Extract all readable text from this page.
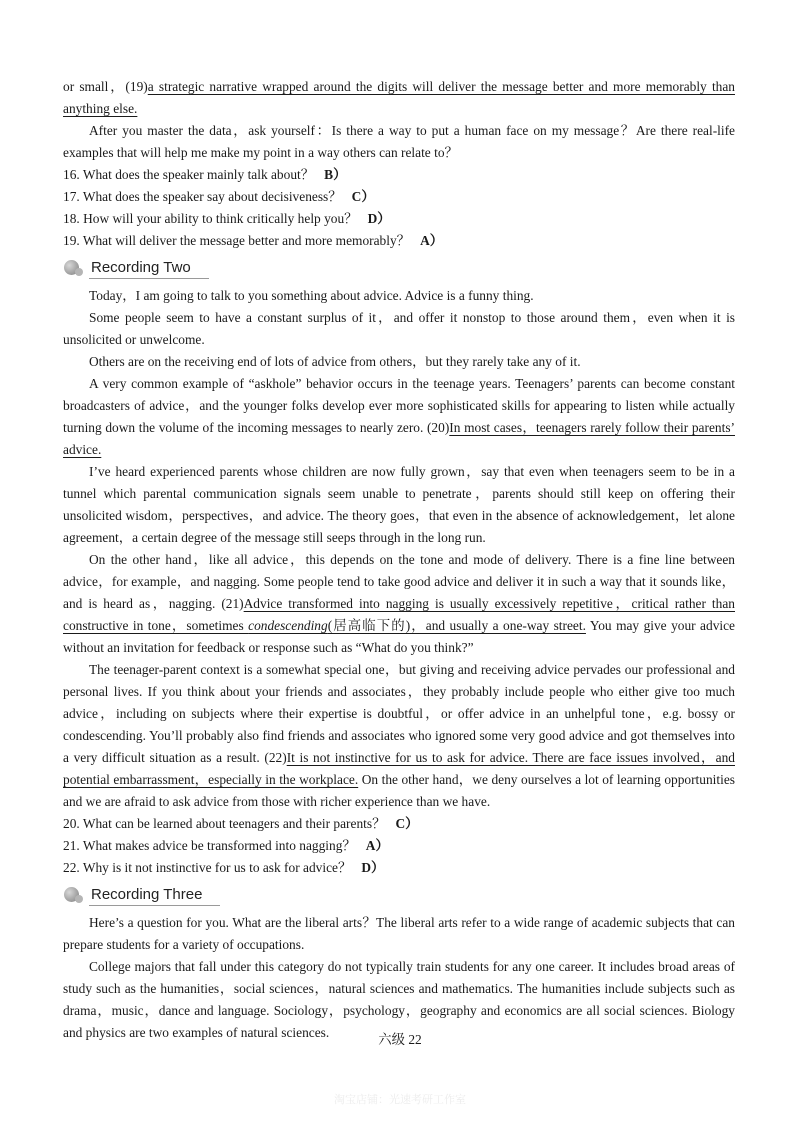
or small，(19)a strategic narrative wrapped around the digits will deliver the message better and more memorably than anything else.

After you master the data，ask yourself：Is there a way to put a human face on my message？Are there real-life examples that will help me make my point in a way others can relate to？

16. What does the speaker mainly talk about？ B）

17. What does the speaker say about decisiveness？ C）

18. How will your ability to think critically help you？ D）

19. What will deliver the message better and more memorably？ A）

Recording Two

Today，I am going to talk to you something about advice. Advice is a funny thing.

Some people seem to have a constant surplus of it，and offer it nonstop to those around them，even when it is unsolicited or unwelcome.

Others are on the receiving end of lots of advice from others，but they rarely take any of it.

A very common example of “askhole” behavior occurs in the teenage years. Teenagers’ parents can become constant broadcasters of advice，and the younger folks develop ever more sophisticated skills for appearing to listen while actually turning down the volume of the incoming messages to nearly zero. (20)In most cases，teenagers rarely follow their parents’ advice.

I’ve heard experienced parents whose children are now fully grown，say that even when teenagers seem to be in a tunnel which parental communication signals seem unable to penetrate，parents should still keep on offering their unsolicited wisdom，perspectives，and advice. The theory goes，that even in the absence of acknowledgement，let alone agreement，a certain degree of the message still seeps through in the long run.

On the other hand，like all advice，this depends on the tone and mode of delivery. There is a fine line between advice，for example，and nagging. Some people tend to take good advice and deliver it in such a way that it sounds like，and is heard as，nagging. (21)Advice transformed into nagging is usually excessively repetitive，critical rather than constructive in tone，sometimes condescending(居高临下的)，and usually a one-way street. You may give your advice without an invitation for feedback or response such as “What do you think?”

The teenager-parent context is a somewhat special one，but giving and receiving advice pervades our professional and personal lives. If you think about your friends and associates，they probably include people who either give too much advice，including on subjects where their expertise is doubtful，or offer advice in an unhelpful tone，e.g. bossy or condescending. You’ll probably also find friends and associates who ignored some very good advice and got themselves into a very difficult situation as a result. (22)It is not instinctive for us to ask for advice. There are face issues involved，and potential embarrassment，especially in the workplace. On the other hand，we deny ourselves a lot of learning opportunities and we are afraid to ask advice from those with richer experience than we have.

20. What can be learned about teenagers and their parents？ C）

21. What makes advice be transformed into nagging？ A）

22. Why is it not instinctive for us to ask for advice？ D）

Recording Three

Here’s a question for you. What are the liberal arts？The liberal arts refer to a wide range of academic subjects that can prepare students for a variety of occupations.

College majors that fall under this category do not typically train students for any one career. It includes broad areas of study such as the humanities，social sciences，natural sciences and mathematics. The humanities include subjects such as drama，music，dance and language. Sociology，psychology，geography and economics are all social sciences. Biology and physics are two examples of natural sciences.	六级 22
淘宝店铺：光速考研工作室
